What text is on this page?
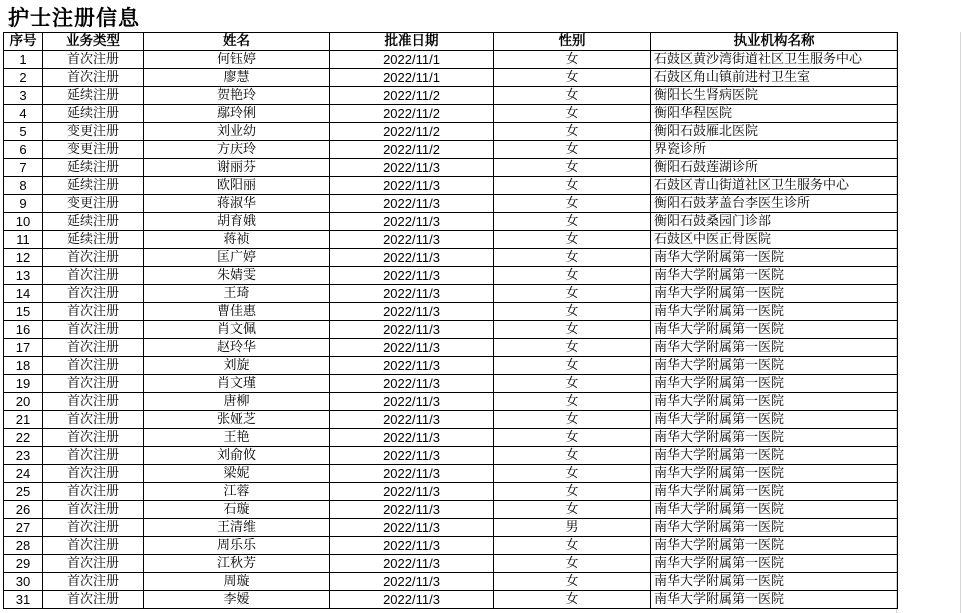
护士注册信息
序号	业务类型	姓名	批准日期	性别	执业机构名称
1	首次注册	何钰婷	2022/11/1	女	石鼓区黄沙湾街道社区卫生服务中心
2	首次注册	廖慧	2022/11/1	女	石鼓区角山镇前进村卫生室
3	延续注册	贺艳玲	2022/11/2	女	衡阳长生肾病医院
4	延续注册	鄢玲俐	2022/11/2	女	衡阳华程医院
5	变更注册	刘业幼	2022/11/2	女	衡阳石鼓雁北医院
6	变更注册	方庆玲	2022/11/2	女	界瓷诊所
7	延续注册	谢丽芬	2022/11/3	女	衡阳石鼓莲湖诊所
8	延续注册	欧阳丽	2022/11/3	女	石鼓区青山街道社区卫生服务中心
9	变更注册	蒋淑华	2022/11/3	女	衡阳石鼓茅盖台李医生诊所
10	延续注册	胡育娥	2022/11/3	女	衡阳石鼓桑园门诊部
11	延续注册	蒋祯	2022/11/3	女	石鼓区中医正骨医院
12	首次注册	匡广婷	2022/11/3	女	南华大学附属第一医院
13	首次注册	朱婧雯	2022/11/3	女	南华大学附属第一医院
14	首次注册	王琦	2022/11/3	女	南华大学附属第一医院
15	首次注册	曹佳惠	2022/11/3	女	南华大学附属第一医院
16	首次注册	肖文佩	2022/11/3	女	南华大学附属第一医院
17	首次注册	赵玲华	2022/11/3	女	南华大学附属第一医院
18	首次注册	刘旋	2022/11/3	女	南华大学附属第一医院
19	首次注册	肖文瑾	2022/11/3	女	南华大学附属第一医院
20	首次注册	唐柳	2022/11/3	女	南华大学附属第一医院
21	首次注册	张娅芝	2022/11/3	女	南华大学附属第一医院
22	首次注册	王艳	2022/11/3	女	南华大学附属第一医院
23	首次注册	刘俞攸	2022/11/3	女	南华大学附属第一医院
24	首次注册	梁妮	2022/11/3	女	南华大学附属第一医院
25	首次注册	江蓉	2022/11/3	女	南华大学附属第一医院
26	首次注册	石璇	2022/11/3	女	南华大学附属第一医院
27	首次注册	王清维	2022/11/3	男	南华大学附属第一医院
28	首次注册	周乐乐	2022/11/3	女	南华大学附属第一医院
29	首次注册	江秋芳	2022/11/3	女	南华大学附属第一医院
30	首次注册	周璇	2022/11/3	女	南华大学附属第一医院
31	首次注册	李嫒	2022/11/3	女	南华大学附属第一医院
